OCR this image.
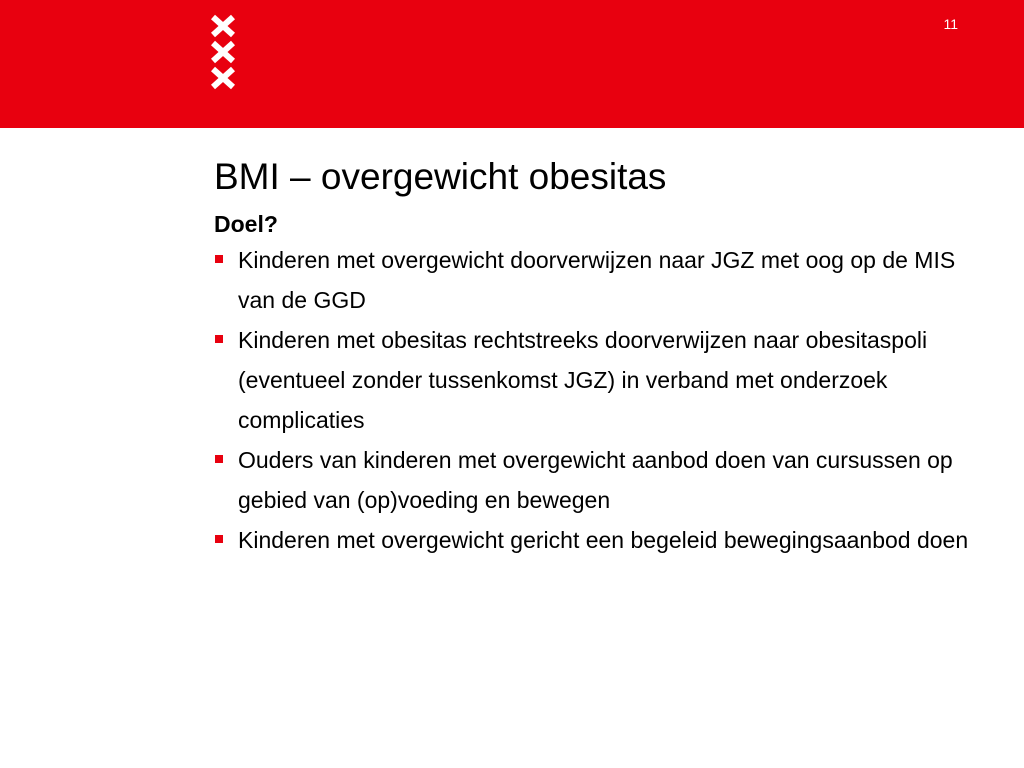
11
BMI – overgewicht obesitas
Doel?
Kinderen met overgewicht doorverwijzen naar JGZ met oog op de MIS van de GGD
Kinderen met obesitas rechtstreeks doorverwijzen naar obesitaspoli (eventueel zonder tussenkomst JGZ) in verband met onderzoek complicaties
Ouders van kinderen met overgewicht aanbod doen van cursussen op gebied van (op)voeding en bewegen
Kinderen met overgewicht gericht een begeleid bewegingsaanbod doen
